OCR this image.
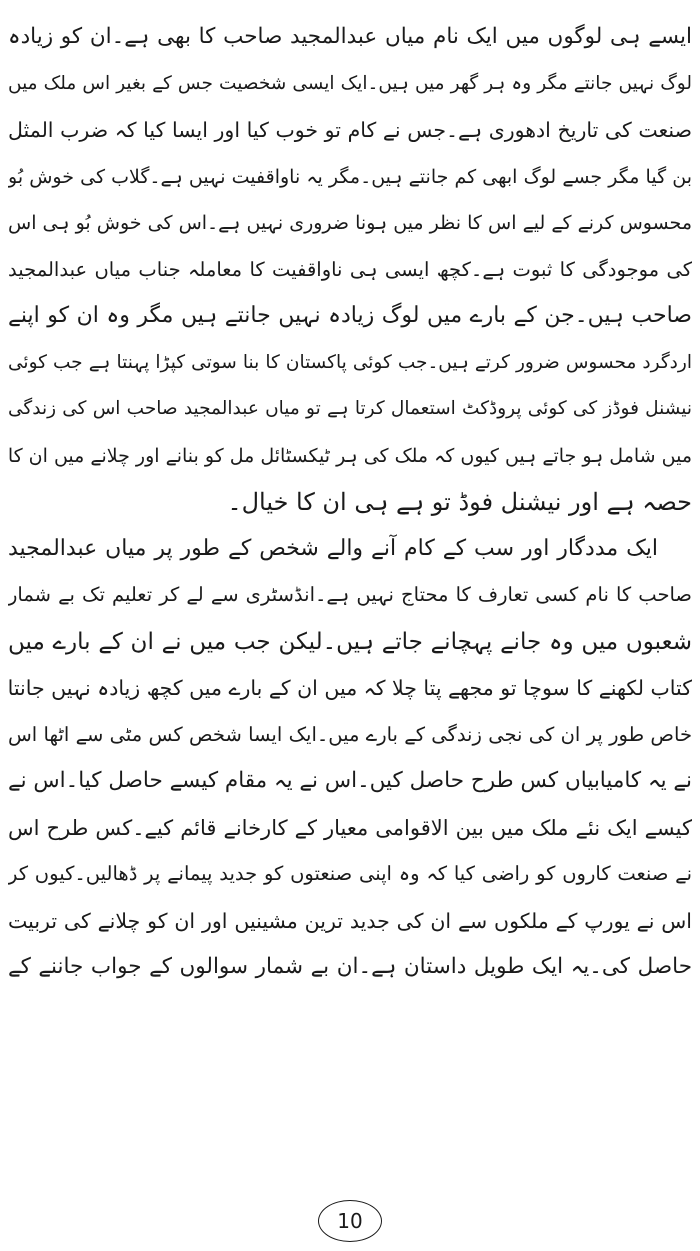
ایسے ہی لوگوں میں ایک نام میاں عبدالمجید صاحب کا بھی ہے۔ان کو زیادہ
لوگ نہیں جانتے مگر وہ ہر گھر میں ہیں۔ایک ایسی شخصیت جس کے بغیر اس ملک میں
صنعت کی تاریخ ادھوری ہے۔جس نے کام تو خوب کیا اور ایسا کیا کہ ضرب المثل
بن گیا مگر جسے لوگ ابھی کم جانتے ہیں۔مگر یہ ناواقفیت نہیں ہے۔گلاب کی خوش بُو
محسوس کرنے کے لیے اس کا نظر میں ہونا ضروری نہیں ہے۔اس کی خوش بُو ہی اس
کی موجودگی کا ثبوت ہے۔کچھ ایسی ہی ناواقفیت کا معاملہ جناب میاں عبدالمجید
صاحب ہیں۔جن کے بارے میں لوگ زیادہ نہیں جانتے ہیں مگر وہ ان کو اپنے
اردگرد محسوس ضرور کرتے ہیں۔جب کوئی پاکستان کا بنا سوتی کپڑا پہنتا ہے جب کوئی
نیشنل فوڈز کی کوئی پروڈکٹ استعمال کرتا ہے تو میاں عبدالمجید صاحب اس کی زندگی
میں شامل ہو جاتے ہیں کیوں کہ ملک کی ہر ٹیکسٹائل مل کو بنانے اور چلانے میں ان کا
حصہ ہے اور نیشنل فوڈ تو ہے ہی ان کا خیال۔
ایک مددگار اور سب کے کام آنے والے شخص کے طور پر میاں عبدالمجید
صاحب کا نام کسی تعارف کا محتاج نہیں ہے۔انڈسٹری سے لے کر تعلیم تک بے شمار
شعبوں میں وہ جانے پہچانے جاتے ہیں۔لیکن جب میں نے ان کے بارے میں
کتاب لکھنے کا سوچا تو مجھے پتا چلا کہ میں ان کے بارے میں کچھ زیادہ نہیں جانتا
خاص طور پر ان کی نجی زندگی کے بارے میں۔ایک ایسا شخص کس مٹی سے اٹھا اس
نے یہ کامیابیاں کس طرح حاصل کیں۔اس نے یہ مقام کیسے حاصل کیا۔اس نے
کیسے ایک نئے ملک میں بین الاقوامی معیار کے کارخانے قائم کیے۔کس طرح اس
نے صنعت کاروں کو راضی کیا کہ وہ اپنی صنعتوں کو جدید پیمانے پر ڈھالیں۔کیوں کر
اس نے یورپ کے ملکوں سے ان کی جدید ترین مشینیں اور ان کو چلانے کی تربیت
حاصل کی۔یہ ایک طویل داستان ہے۔ان بے شمار سوالوں کے جواب جاننے کے
10
